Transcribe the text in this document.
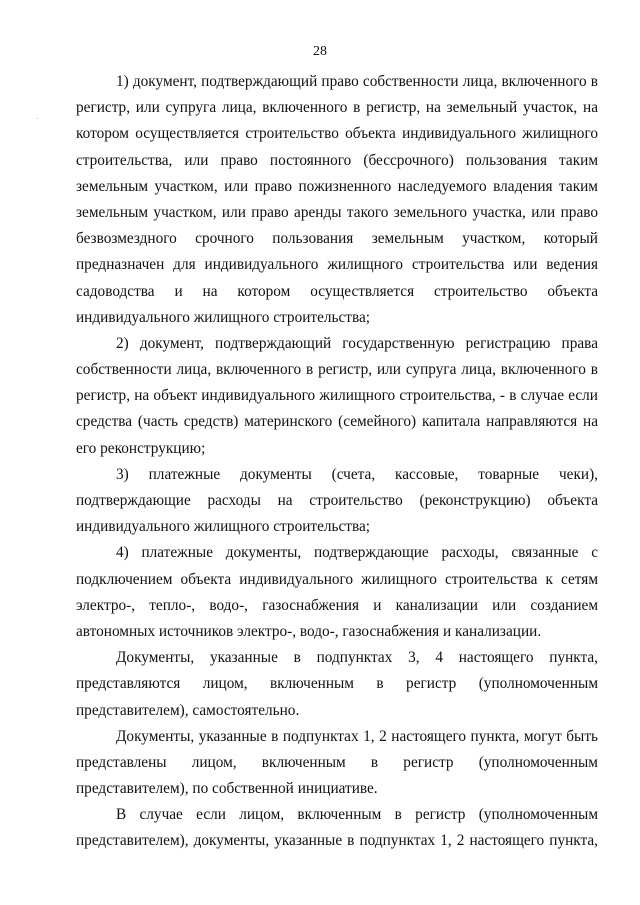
28
1) документ, подтверждающий право собственности лица, включенного в
регистр, или супруга лица, включенного в регистр, на земельный участок, на
котором осуществляется строительство объекта индивидуального жилищного
строительства, или право постоянного (бессрочного) пользования таким
земельным участком, или право пожизненного наследуемого владения таким
земельным участком, или право аренды такого земельного участка, или право
безвозмездного срочного пользования земельным участком, который
предназначен для индивидуального жилищного строительства или ведения
садоводства и на котором осуществляется строительство объекта
индивидуального жилищного строительства;
2) документ, подтверждающий государственную регистрацию права
собственности лица, включенного в регистр, или супруга лица, включенного в
регистр, на объект индивидуального жилищного строительства, - в случае если
средства (часть средств) материнского (семейного) капитала направляются на
его реконструкцию;
3) платежные документы (счета, кассовые, товарные чеки),
подтверждающие расходы на строительство (реконструкцию) объекта
индивидуального жилищного строительства;
4) платежные документы, подтверждающие расходы, связанные с
подключением объекта индивидуального жилищного строительства к сетям
электро-, тепло-, водо-, газоснабжения и канализации или созданием
автономных источников электро-, водо-, газоснабжения и канализации.
Документы, указанные в подпунктах 3, 4 настоящего пункта,
представляются лицом, включенным в регистр (уполномоченным
представителем), самостоятельно.
Документы, указанные в подпунктах 1, 2 настоящего пункта, могут быть
представлены лицом, включенным в регистр (уполномоченным
представителем), по собственной инициативе.
В случае если лицом, включенным в регистр (уполномоченным
представителем), документы, указанные в подпунктах 1, 2 настоящего пункта,
